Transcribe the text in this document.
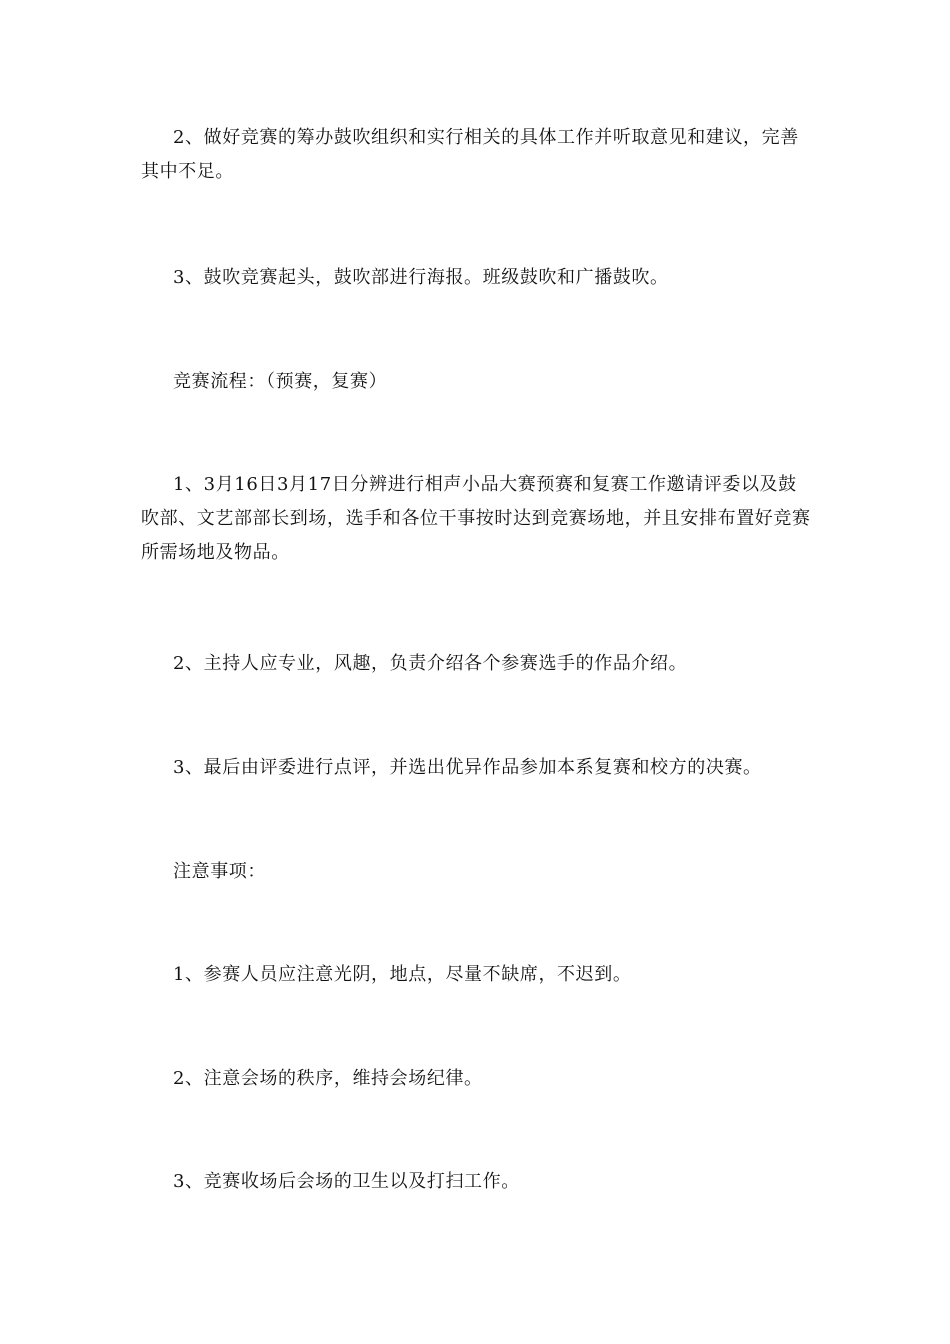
2、做好竞赛的筹办鼓吹组织和实行相关的具体工作并听取意见和建议，完善其中不足。

3、鼓吹竞赛起头，鼓吹部进行海报。班级鼓吹和广播鼓吹。

竞赛流程：（预赛，复赛）

1、3月16日3月17日分辨进行相声小品大赛预赛和复赛工作邀请评委以及鼓吹部、文艺部部长到场，选手和各位干事按时达到竞赛场地，并且安排布置好竞赛所需场地及物品。

2、主持人应专业，风趣，负责介绍各个参赛选手的作品介绍。

3、最后由评委进行点评，并选出优异作品参加本系复赛和校方的决赛。

注意事项：

1、参赛人员应注意光阴，地点，尽量不缺席，不迟到。

2、注意会场的秩序，维持会场纪律。

3、竞赛收场后会场的卫生以及打扫工作。
